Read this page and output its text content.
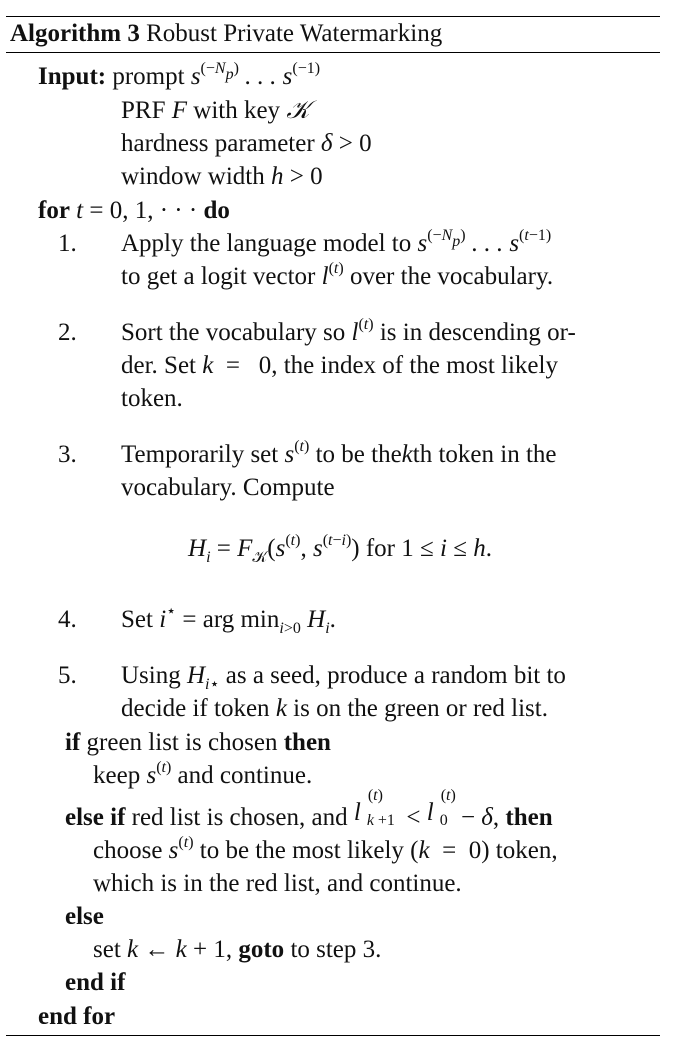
Algorithm 3 Robust Private Watermarking
Input: prompt $s^{(-N_p)}$ . . . $s^{(-1)}$
PRF F with key 𝒦
hardness parameter δ > 0
window width h > 0
for t = 0, 1, · · · do
1. Apply the language model to $s^{(-N_p)}$ . . . $s^{(t-1)}$
to get a logit vector $l^{(t)}$ over the vocabulary.
2. Sort the vocabulary so $l^{(t)}$ is in descending or-
der. Set k  =   0, the index of the most likely
token.
3. Temporarily set $s^{(t)}$ to be thekth token in the
vocabulary. Compute
$H_i = F_𝒦(s^{(t)}$, $s^{(t-i)}$) for 1 ≤ i ≤ h.
4. Set i⋆ = arg $\min_{i>0} H_i$.
5. Using $H_{i⋆}$ as a seed, produce a random bit to
decide if token k is on the green or red list.
if green list is chosen then
keep $s^{(t)}$ and continue.
else if red list is chosen, and l
(t)
k +1
< l
(t)
0 − δ, then
choose $s^{(t)}$ to be the most likely (k  =  0) token,
which is in the red list, and continue.
else
set k ← k + 1, goto to step 3.
end if
end for
